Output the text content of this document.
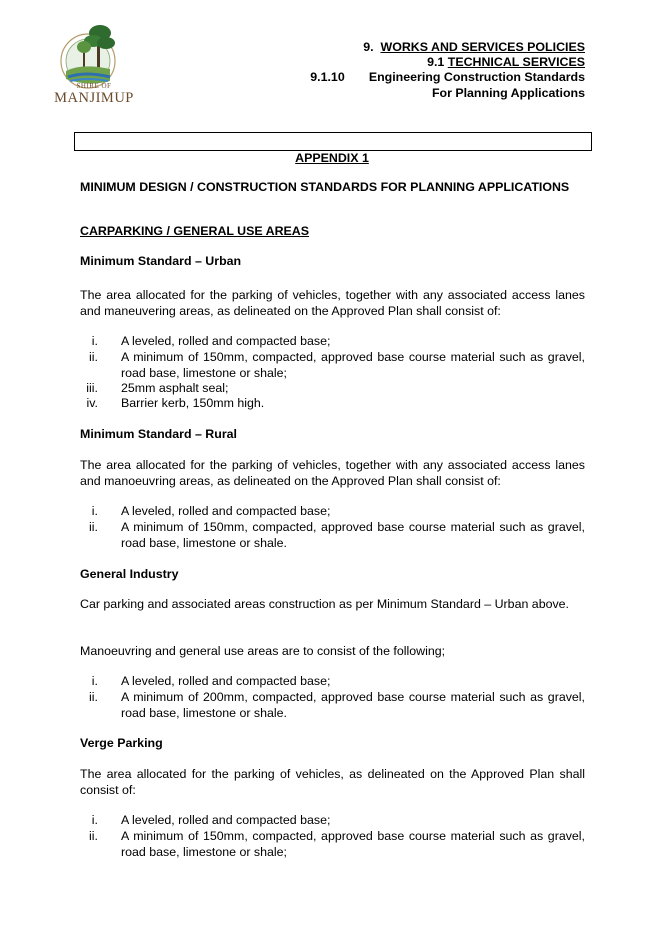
SHIRE OF
MANJIMUP
9. WORKS AND SERVICES POLICIES
9.1 TECHNICAL SERVICES
9.1.10 Engineering Construction Standards
For Planning Applications
APPENDIX 1
MINIMUM DESIGN / CONSTRUCTION STANDARDS FOR PLANNING APPLICATIONS
CARPARKING / GENERAL USE AREAS
Minimum Standard – Urban
The area allocated for the parking of vehicles, together with any associated access lanes and maneuvering areas, as delineated on the Approved Plan shall consist of:
i. A leveled, rolled and compacted base;
ii. A minimum of 150mm, compacted, approved base course material such as gravel, road base, limestone or shale;
iii. 25mm asphalt seal;
iv. Barrier kerb, 150mm high.
Minimum Standard – Rural
The area allocated for the parking of vehicles, together with any associated access lanes and manoeuvring areas, as delineated on the Approved Plan shall consist of:
i. A leveled, rolled and compacted base;
ii. A minimum of 150mm, compacted, approved base course material such as gravel, road base, limestone or shale.
General Industry
Car parking and associated areas construction as per Minimum Standard – Urban above.
Manoeuvring and general use areas are to consist of the following;
i. A leveled, rolled and compacted base;
ii. A minimum of 200mm, compacted, approved base course material such as gravel, road base, limestone or shale.
Verge Parking
The area allocated for the parking of vehicles, as delineated on the Approved Plan shall consist of:
i. A leveled, rolled and compacted base;
ii. A minimum of 150mm, compacted, approved base course material such as gravel, road base, limestone or shale;
